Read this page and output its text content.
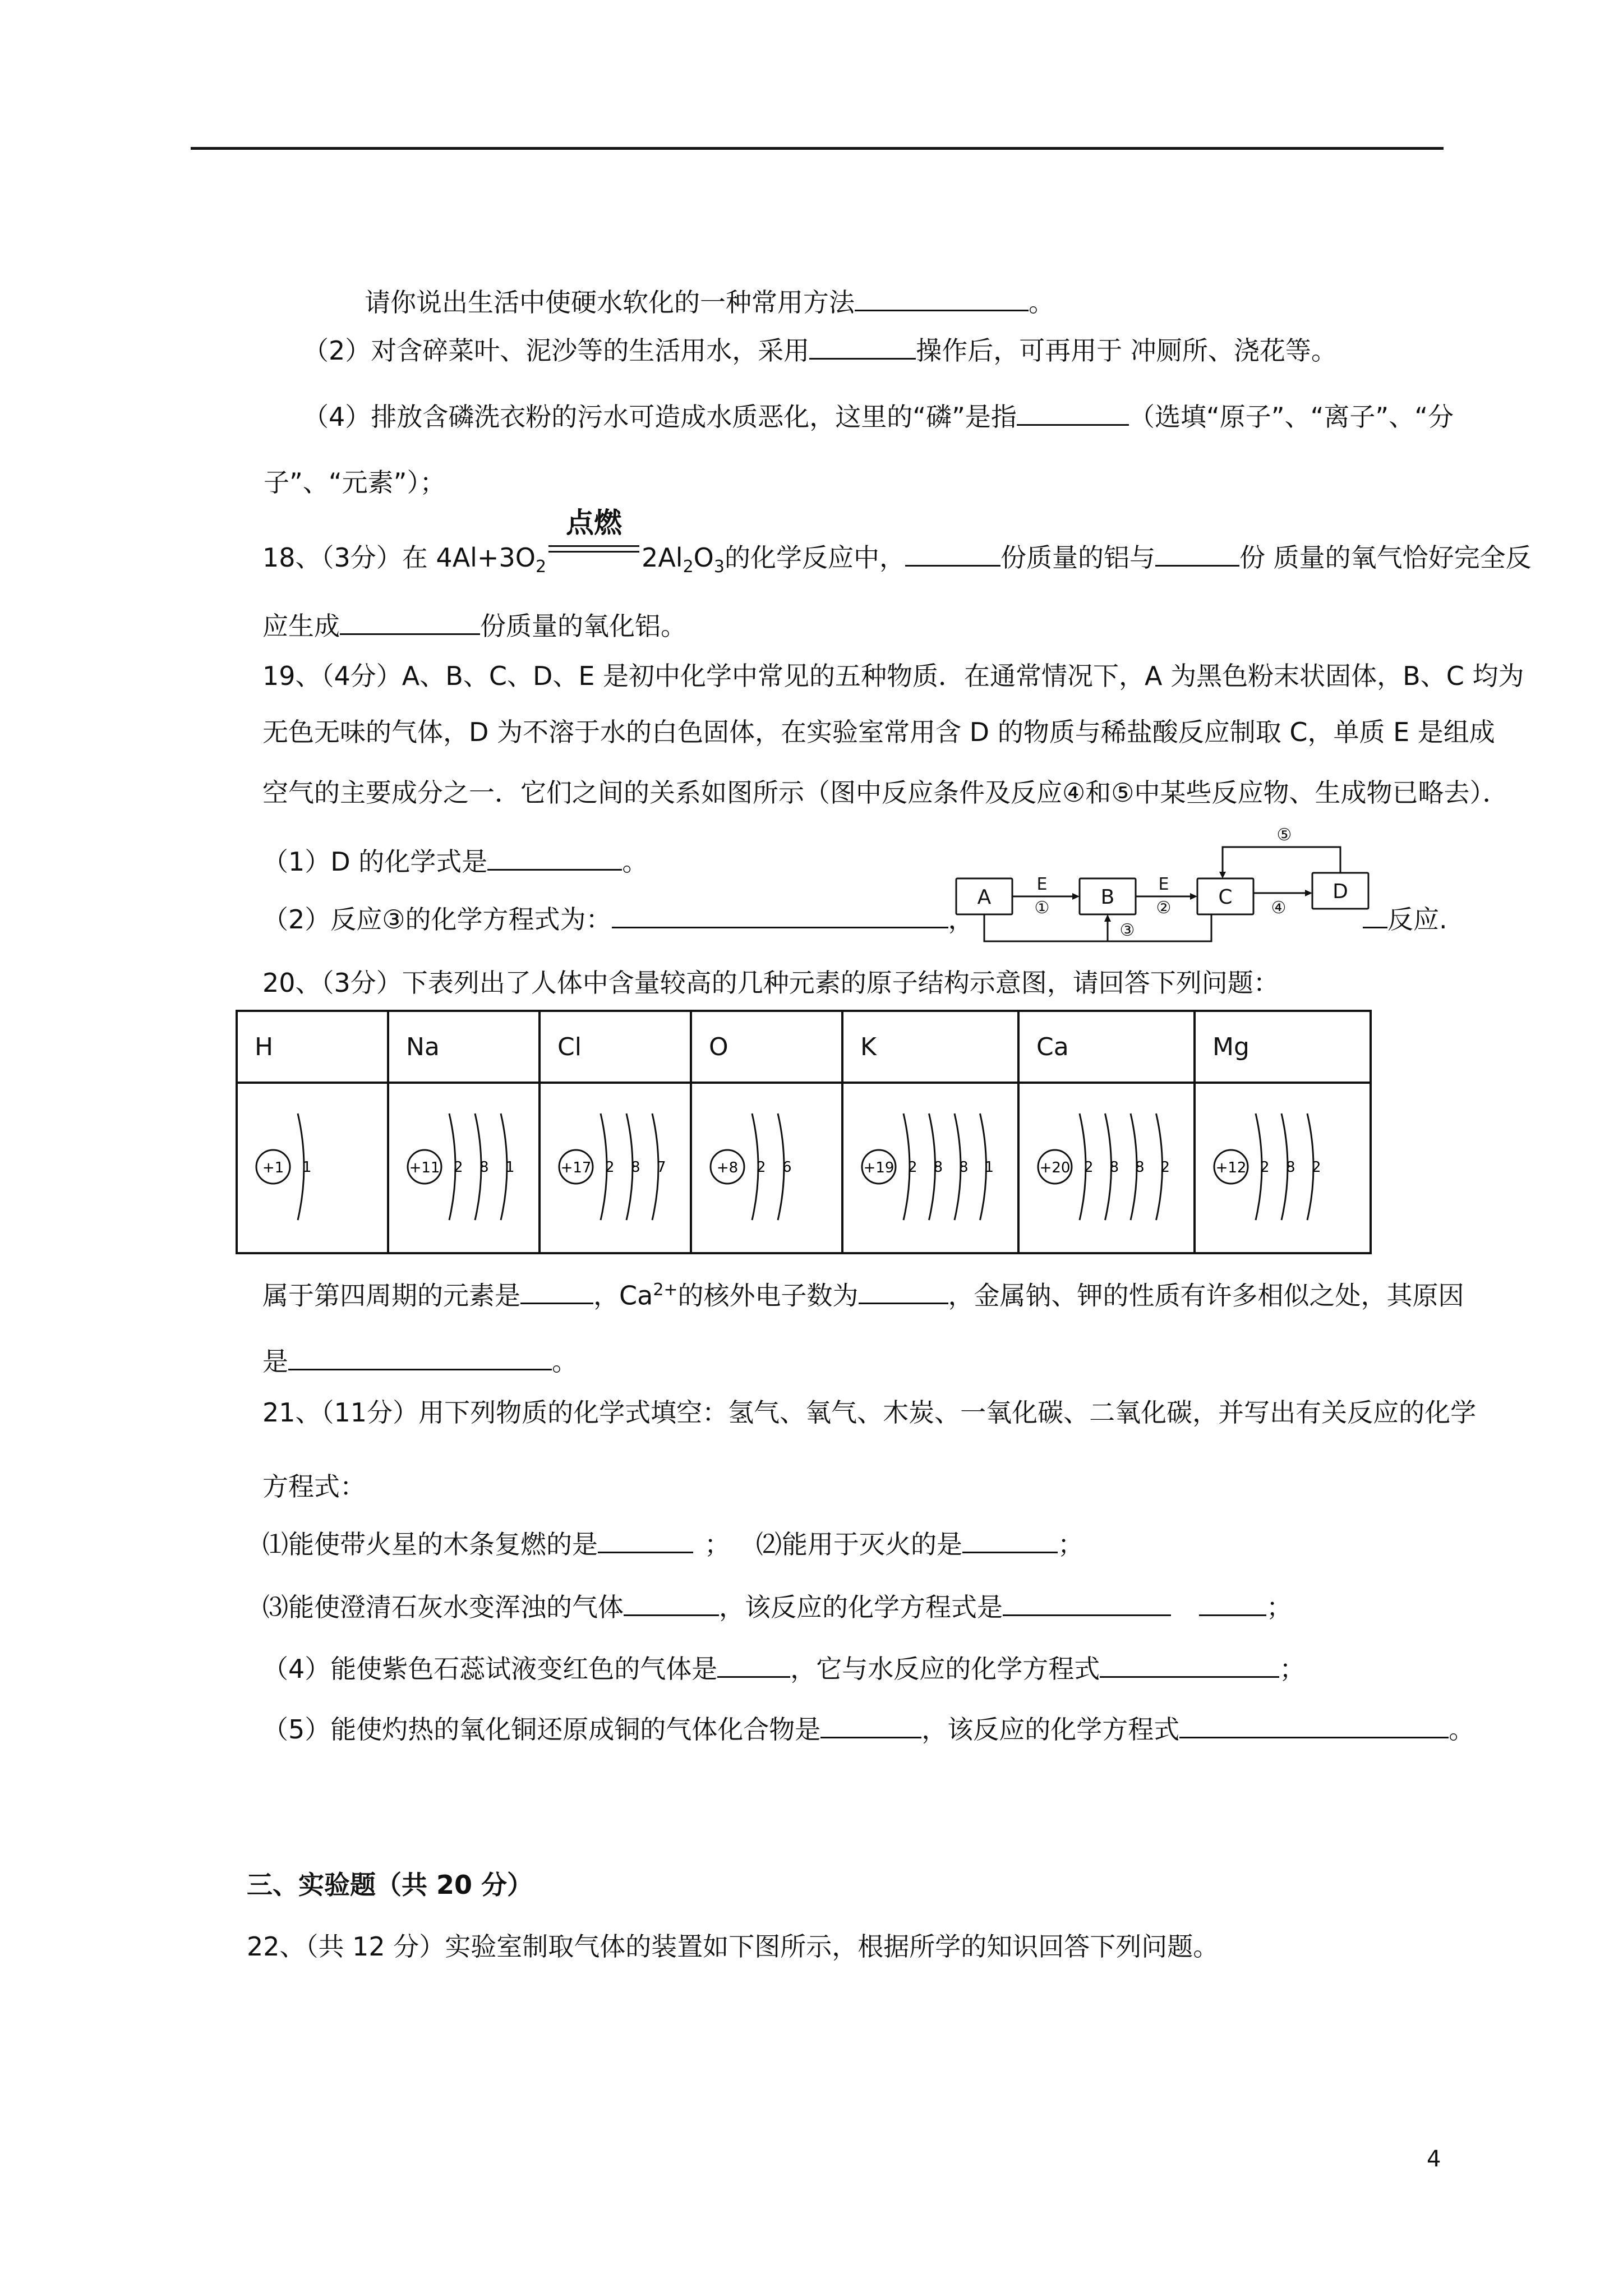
请你说出生活中使硬水软化的一种常用方法	。
（2）对含碎菜叶、泥沙等的生活用水，采用	操作后，可再用于 冲厕所、浇花等。
（4）排放含磷洗衣粉的污水可造成水质恶化，这里的“磷”是指	（选填“原子”、“离子”、“分
子”、“元素”）；
18、（3分）在 $4Al+3O_2$
点燃
$2Al_2O_3$的化学反应中，	份质量的铝与	份 质量的氧气恰好完全反
应生成	份质量的氧化铝。
19、（4分）A、B、C、D、E 是初中化学中常见的五种物质．在通常情况下，A 为黑色粉末状固体，B、C 均为
无色无味的气体，D 为不溶于水的白色固体，在实验室常用含 D 的物质与稀盐酸反应制取 C，单质 E 是组成
空气的主要成分之一．它们之间的关系如图所示（图中反应条件及反应④和⑤中某些反应物、生成物已略去）．
（1）D 的化学式是	。
（2）反应③的化学方程式为：	，	反应.
A	B	C	D
E
①
E
②	④
③
⑤
20、（3分）下表列出了人体中含量较高的几种元素的原子结构示意图，请回答下列问题：
H	Na	Cl	O	K	Ca	Mg

+1 1	+11 2 8 1	+17 2 8 7	+8 2 6	+19 2 8 8 1	+20 2 8 8 2	+12 2 8 2
属于第四周期的元素是	，$Ca^{2+}$的核外电子数为	，金属钠、钾的性质有许多相似之处，其原因
是	。
21、（11分）用下列物质的化学式填空：氢气、氧气、木炭、一氧化碳、二氧化碳，并写出有关反应的化学
方程式：
⑴能使带火星的木条复燃的是	； ⑵能用于灭火的是	；
⑶能使澄清石灰水变浑浊的气体	，该反应的化学方程式是	；
（4）能使紫色石蕊试液变红色的气体是	，它与水反应的化学方程式	；
（5）能使灼热的氧化铜还原成铜的气体化合物是	，该反应的化学方程式	。
三、实验题（共 20 分）
22、（共 12 分）实验室制取气体的装置如下图所示，根据所学的知识回答下列问题。
4
